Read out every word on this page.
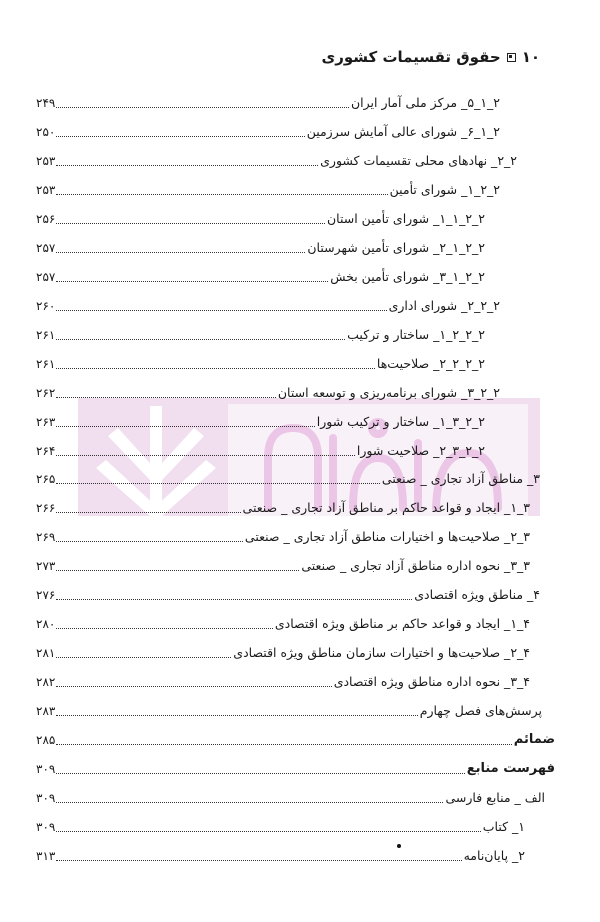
۱۰
حقوق تقسیمات کشوری
۲۴۹	۲_۱_۵_ مرکز ملی آمار ایران
۲۵۰	۲_۱_۶_ شورای عالی آمایش سرزمین
۲۵۳	۲_۲_ نهادهای محلی تقسیمات کشوری
۲۵۳	۲_۲_۱_ شورای تأمین
۲۵۶	۲_۲_۱_۱_ شورای تأمین استان
۲۵۷	۲_۲_۱_۲_ شورای تأمین شهرستان
۲۵۷	۲_۲_۱_۳_ شورای تأمین بخش
۲۶۰	۲_۲_۲_ شورای اداری
۲۶۱	۲_۲_۲_۱_ ساختار و ترکیب
۲۶۱	۲_۲_۲_۲_ صلاحیت‌ها
۲۶۲	۲_۲_۳_ شورای برنامه‌ریزی و توسعه استان
۲۶۳	۲_۲_۳_۱_ ساختار و ترکیب شورا
۲۶۴	۲_۲_۳_۲_ صلاحیت شورا
۲۶۵	۳_ مناطق آزاد تجاری _ صنعتی
۲۶۶	۳_۱_ ایجاد و قواعد حاکم بر مناطق آزاد تجاری _ صنعتی
۲۶۹	۳_۲_ صلاحیت‌ها و اختیارات مناطق آزاد تجاری _ صنعتی
۲۷۳	۳_۳_ نحوه اداره مناطق آزاد تجاری _ صنعتی
۲۷۶	۴_ مناطق ویژه اقتصادی
۲۸۰	۴_۱_ ایجاد و قواعد حاکم بر مناطق ویژه اقتصادی
۲۸۱	۴_۲_ صلاحیت‌ها و اختیارات سازمان مناطق ویژه اقتصادی
۲۸۲	۴_۳_ نحوه اداره مناطق ویژه اقتصادی
۲۸۳	پرسش‌های فصل چهارم
۲۸۵	ضمائم
۳۰۹	فهرست منابع
۳۰۹	الف _ منابع فارسی
۳۰۹	۱_ کتاب
۳۱۳	۲_ پایان‌نامه
